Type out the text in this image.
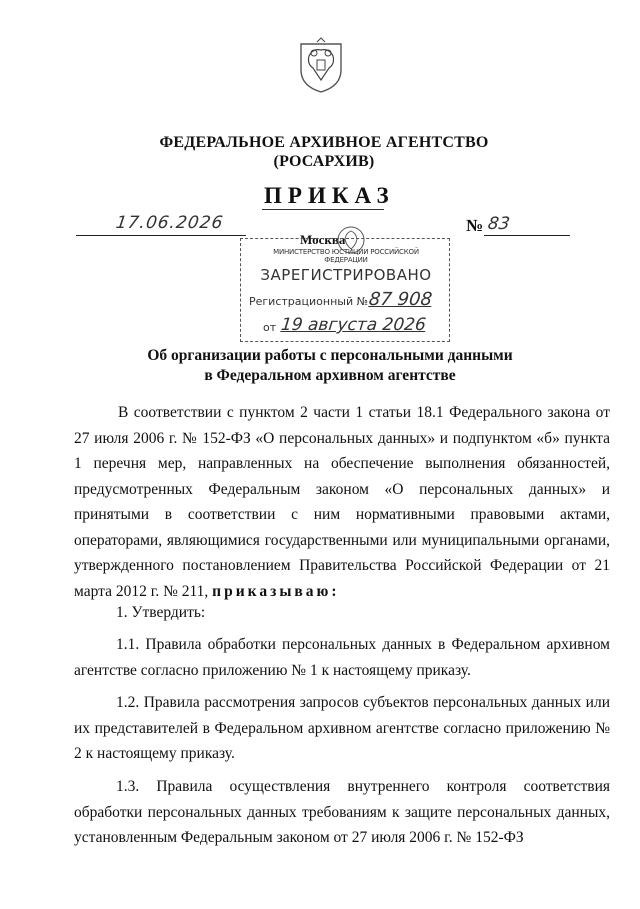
ФЕДЕРАЛЬНОЕ АРХИВНОЕ АГЕНТСТВО
(РОСАРХИВ)
ПРИКАЗ
17.06.2026	№ 83
Москва
МИНИСТЕРСТВО ЮСТИЦИИ РОССИЙСКОЙ ФЕДЕРАЦИИ
ЗАРЕГИСТРИРОВАНО
Регистрационный № 87 908
от 19 августа 2026
Об организации работы с персональными данными
в Федеральном архивном агентстве
В соответствии с пунктом 2 части 1 статьи 18.1 Федерального закона от 27 июля 2006 г. № 152-ФЗ «О персональных данных» и подпунктом «б» пункта 1 перечня мер, направленных на обеспечение выполнения обязанностей, предусмотренных Федеральным законом «О персональных данных» и принятыми в соответствии с ним нормативными правовыми актами, операторами, являющимися государственными или муниципальными органами, утвержденного постановлением Правительства Российской Федерации от 21 марта 2012 г. № 211, приказываю:
1. Утвердить:
1.1. Правила обработки персональных данных в Федеральном архивном агентстве согласно приложению № 1 к настоящему приказу.
1.2. Правила рассмотрения запросов субъектов персональных данных или их представителей в Федеральном архивном агентстве согласно приложению № 2 к настоящему приказу.
1.3. Правила осуществления внутреннего контроля соответствия обработки персональных данных требованиям к защите персональных данных, установленным Федеральным законом от 27 июля 2006 г. № 152-ФЗ
